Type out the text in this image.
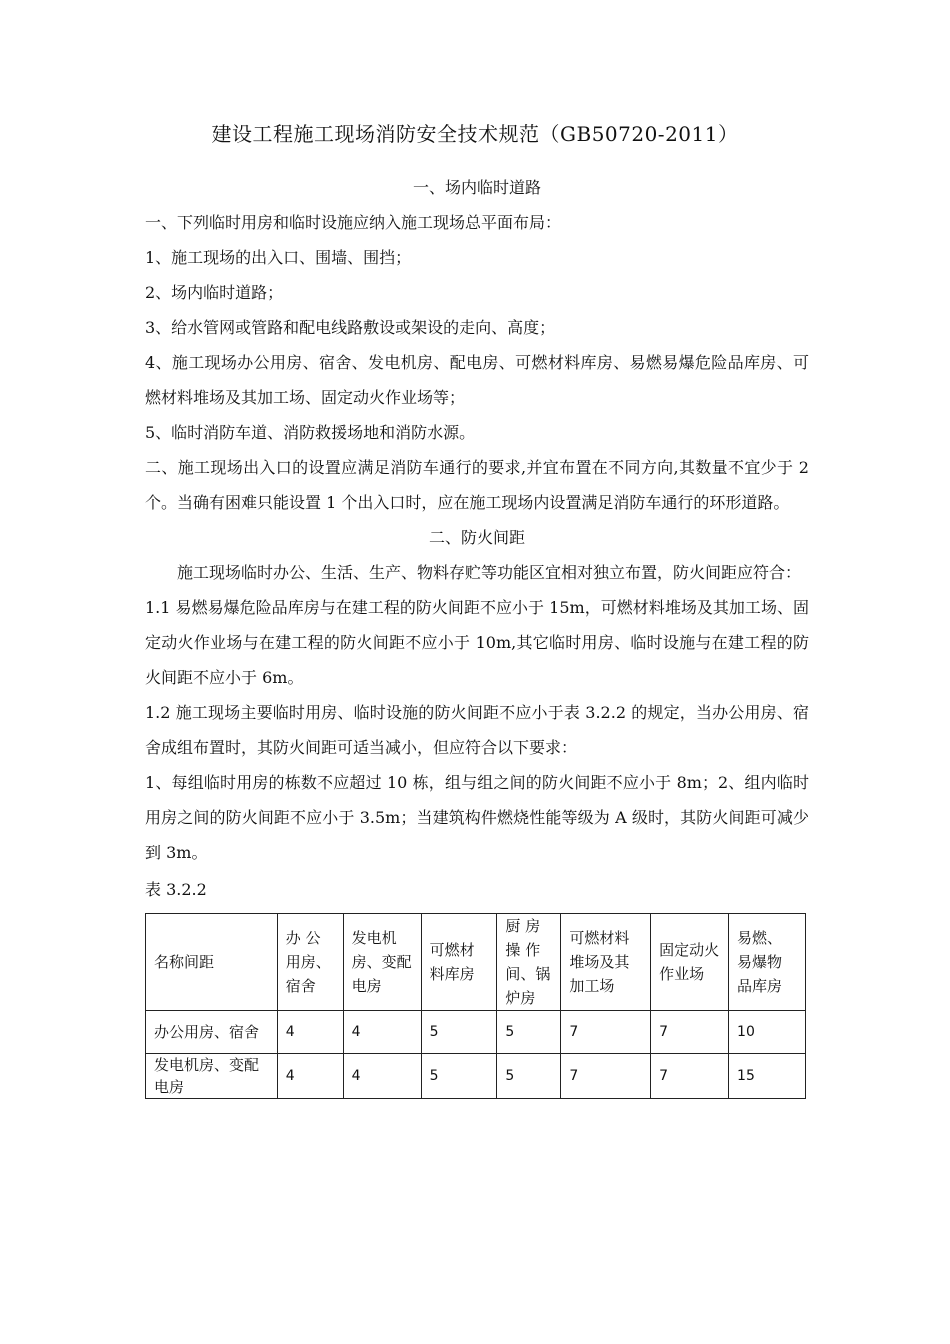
建设工程施工现场消防安全技术规范（GB50720-2011）

一、场内临时道路

一、下列临时用房和临时设施应纳入施工现场总平面布局：

1、施工现场的出入口、围墙、围挡；

2、场内临时道路；

3、给水管网或管路和配电线路敷设或架设的走向、高度；

4、施工现场办公用房、宿舍、发电机房、配电房、可燃材料库房、易燃易爆危险品库房、可燃材料堆场及其加工场、固定动火作业场等；

5、临时消防车道、消防救援场地和消防水源。

二、施工现场出入口的设置应满足消防车通行的要求,并宜布置在不同方向,其数量不宜少于 2 个。当确有困难只能设置 1 个出入口时，应在施工现场内设置满足消防车通行的环形道路。

二、防火间距

施工现场临时办公、生活、生产、物料存贮等功能区宜相对独立布置，防火间距应符合：

1.1 易燃易爆危险品库房与在建工程的防火间距不应小于 15m，可燃材料堆场及其加工场、固定动火作业场与在建工程的防火间距不应小于 10m,其它临时用房、临时设施与在建工程的防火间距不应小于 6m。

1.2 施工现场主要临时用房、临时设施的防火间距不应小于表 3.2.2 的规定，当办公用房、宿舍成组布置时，其防火间距可适当减小，但应符合以下要求：

1、每组临时用房的栋数不应超过 10 栋，组与组之间的防火间距不应小于 8m；2、组内临时用房之间的防火间距不应小于 3.5m；当建筑构件燃烧性能等级为 A 级时，其防火间距可减少到 3m。

表 3.2.2

名称间距	办 公用房、宿舍	发电机房、变配电房	可燃材料库房	厨 房 操 作 间、锅炉房	可燃材料堆场及其加工场	固定动火作业场	易燃、易爆物品库房
办公用房、宿舍	4	4	5	5	7	7	10
发电机房、变配电房	4	4	5	5	7	7	15
